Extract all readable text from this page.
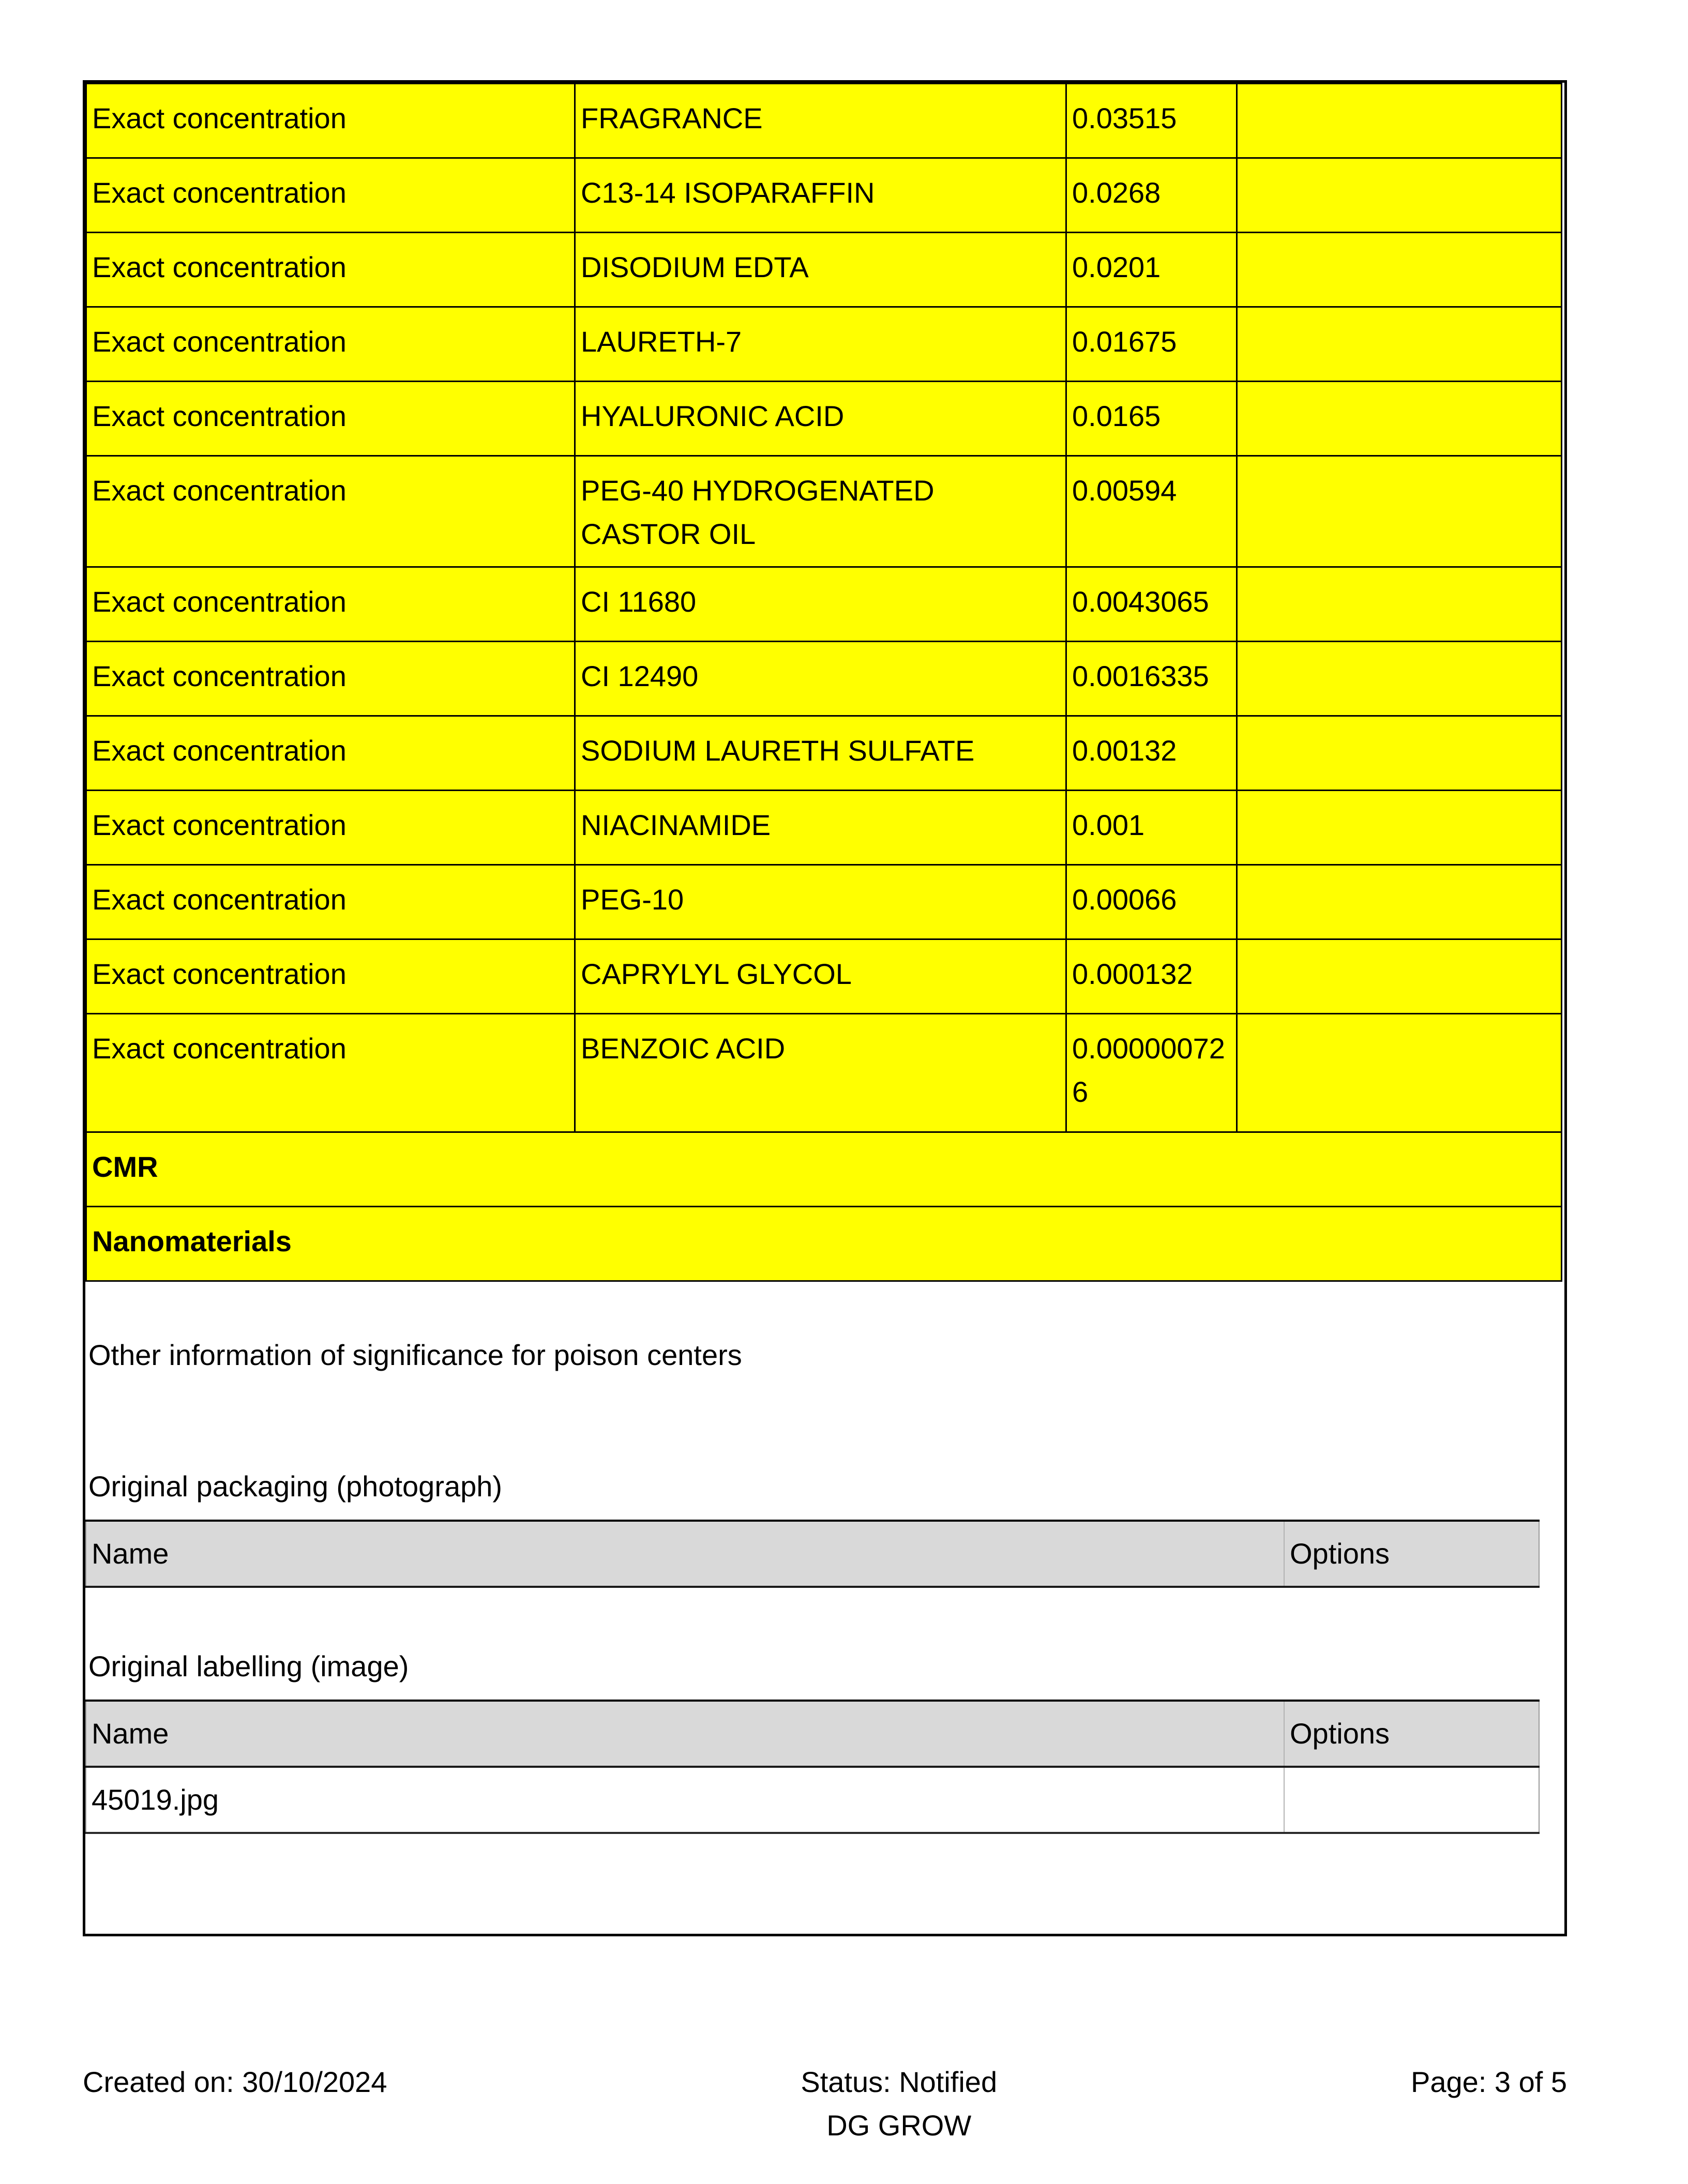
Exact concentration	FRAGRANCE	0.03515	
Exact concentration	C13-14 ISOPARAFFIN	0.0268	
Exact concentration	DISODIUM EDTA	0.0201	
Exact concentration	LAURETH-7	0.01675	
Exact concentration	HYALURONIC ACID	0.0165	
Exact concentration	PEG-40 HYDROGENATED CASTOR OIL	0.00594	
Exact concentration	CI 11680	0.0043065	
Exact concentration	CI 12490	0.0016335	
Exact concentration	SODIUM LAURETH SULFATE	0.00132	
Exact concentration	NIACINAMIDE	0.001	
Exact concentration	PEG-10	0.00066	
Exact concentration	CAPRYLYL GLYCOL	0.000132	
Exact concentration	BENZOIC ACID	0.000000726	
CMR			
Nanomaterials			
Other information of significance for poison centers
Original packaging (photograph)
Name	Options
Original labelling (image)
Name	Options
45019.jpg	
Created on: 30/10/2024	Status: Notified
DG GROW
Page: 3 of 5
